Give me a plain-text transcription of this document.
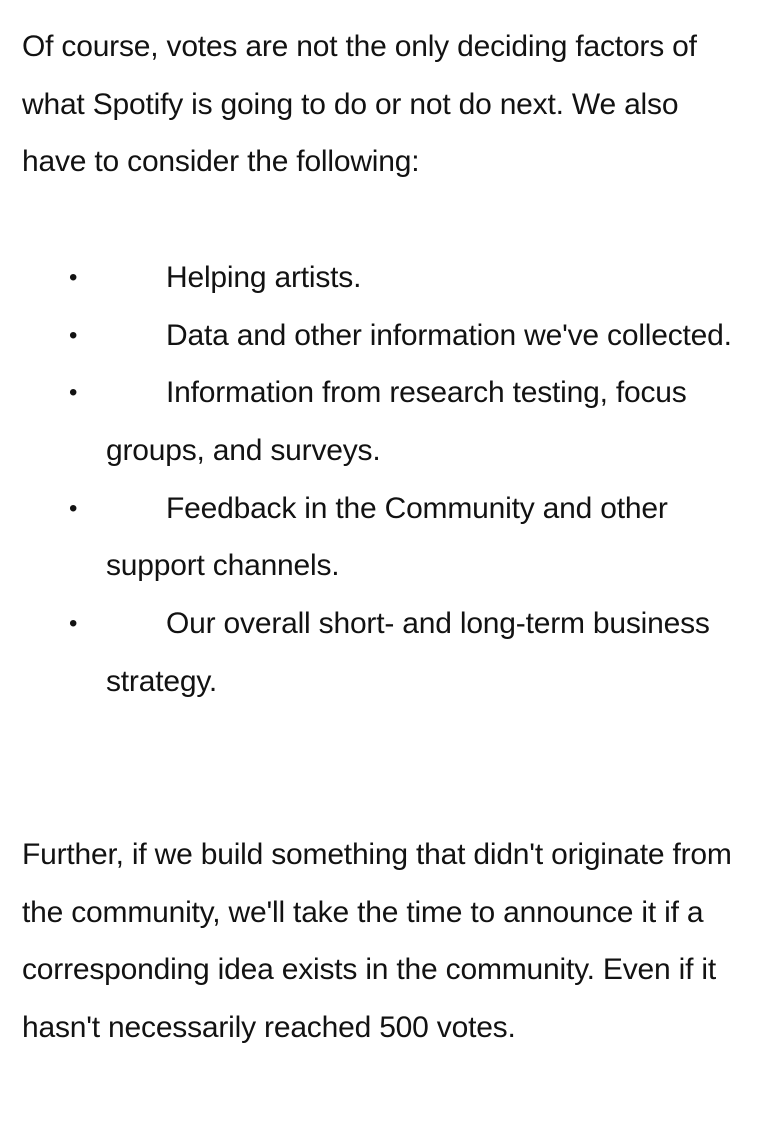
Of course, votes are not the only deciding factors of what Spotify is going to do or not do next. We also have to consider the following:

•	Helping artists.
•	Data and other information we've collected.
•	Information from research testing, focus groups, and surveys.
•	Feedback in the Community and other support channels.
•	Our overall short- and long-term business strategy.

Further, if we build something that didn't originate from the community, we'll take the time to announce it if a corresponding idea exists in the community. Even if it hasn't necessarily reached 500 votes.
